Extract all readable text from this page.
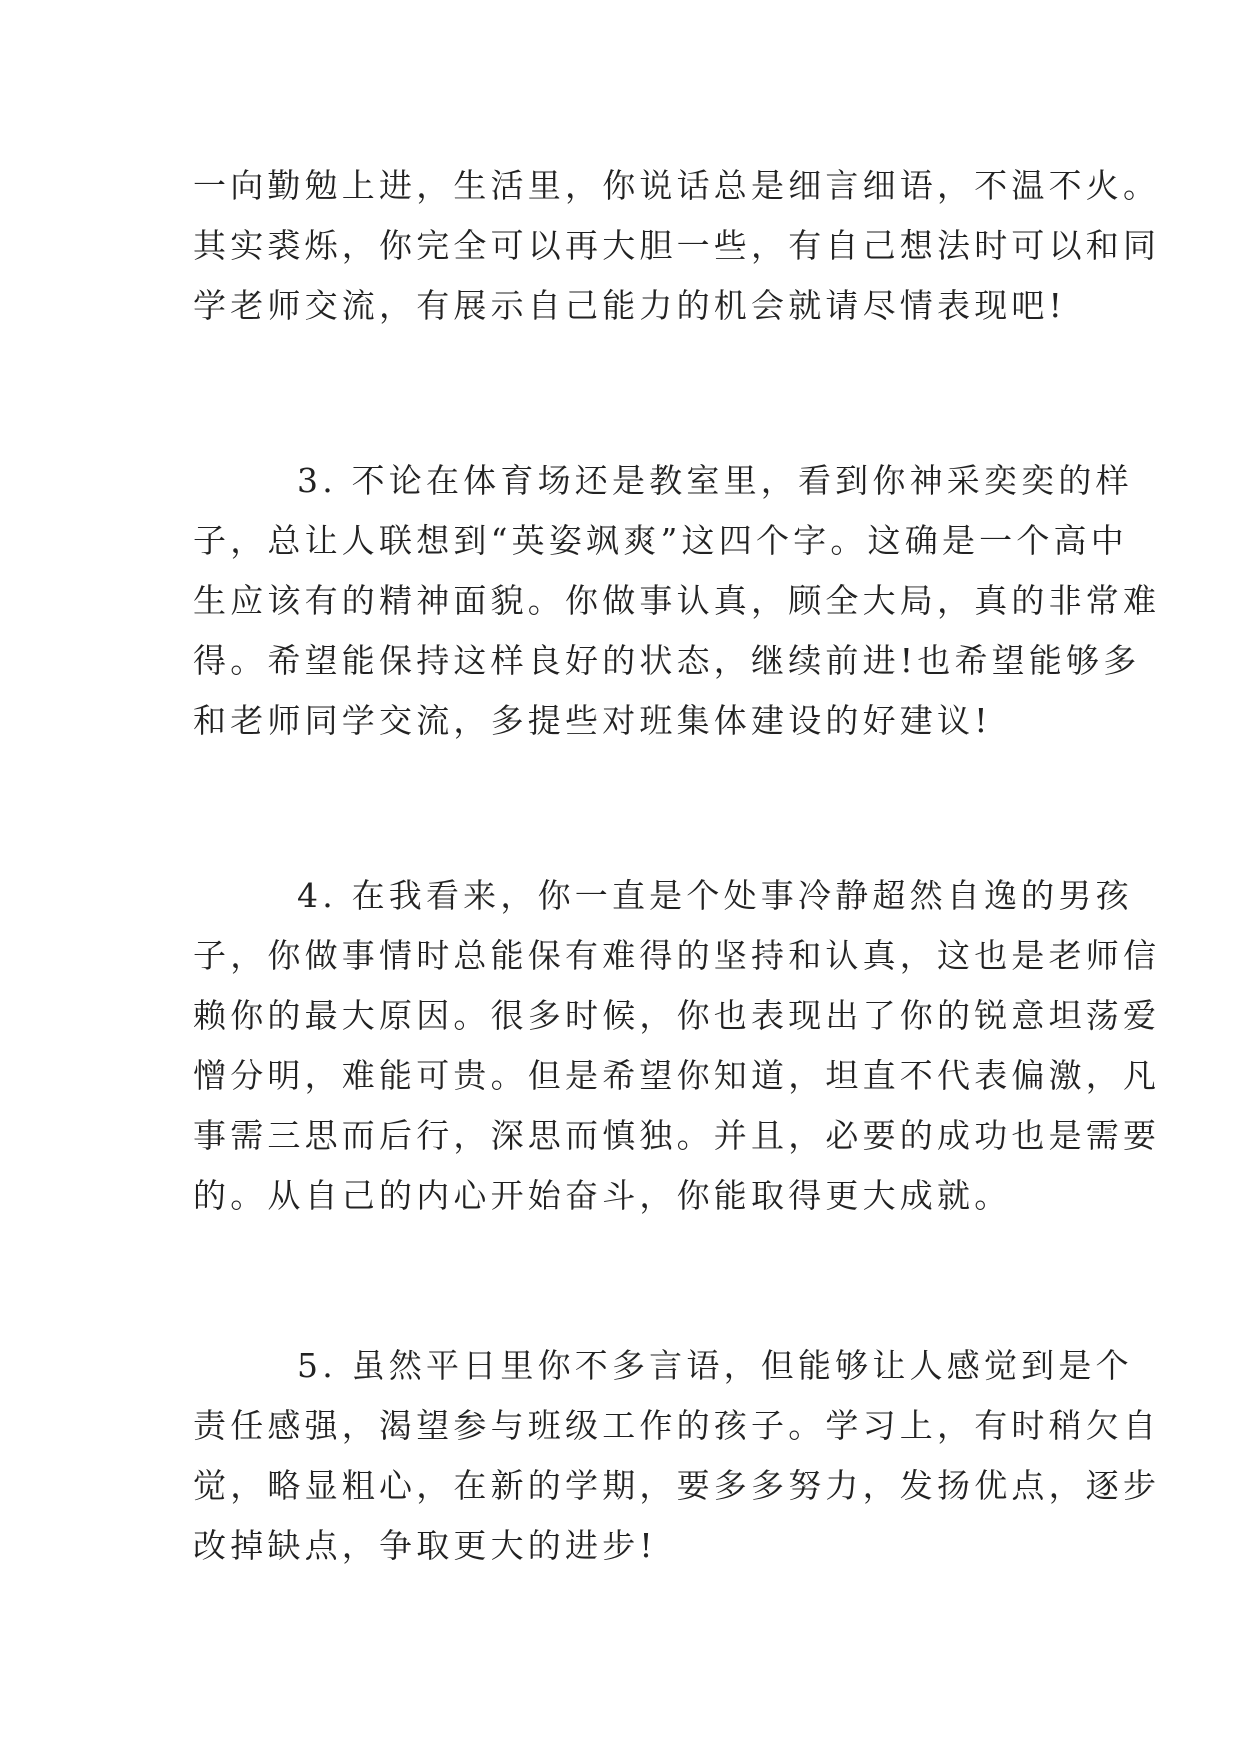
一向勤勉上进，生活里，你说话总是细言细语，不温不火。
其实裘烁，你完全可以再大胆一些，有自己想法时可以和同
学老师交流，有展示自己能力的机会就请尽情表现吧!
3. 不论在体育场还是教室里，看到你神采奕奕的样
子，总让人联想到“英姿飒爽”这四个字。这确是一个高中
生应该有的精神面貌。你做事认真，顾全大局，真的非常难
得。希望能保持这样良好的状态，继续前进!也希望能够多
和老师同学交流，多提些对班集体建设的好建议!
4. 在我看来，你一直是个处事冷静超然自逸的男孩
子，你做事情时总能保有难得的坚持和认真，这也是老师信
赖你的最大原因。很多时候，你也表现出了你的锐意坦荡爱
憎分明，难能可贵。但是希望你知道，坦直不代表偏激，凡
事需三思而后行，深思而慎独。并且，必要的成功也是需要
的。从自己的内心开始奋斗，你能取得更大成就。
5. 虽然平日里你不多言语，但能够让人感觉到是个
责任感强，渴望参与班级工作的孩子。学习上，有时稍欠自
觉，略显粗心，在新的学期，要多多努力，发扬优点，逐步
改掉缺点，争取更大的进步!
